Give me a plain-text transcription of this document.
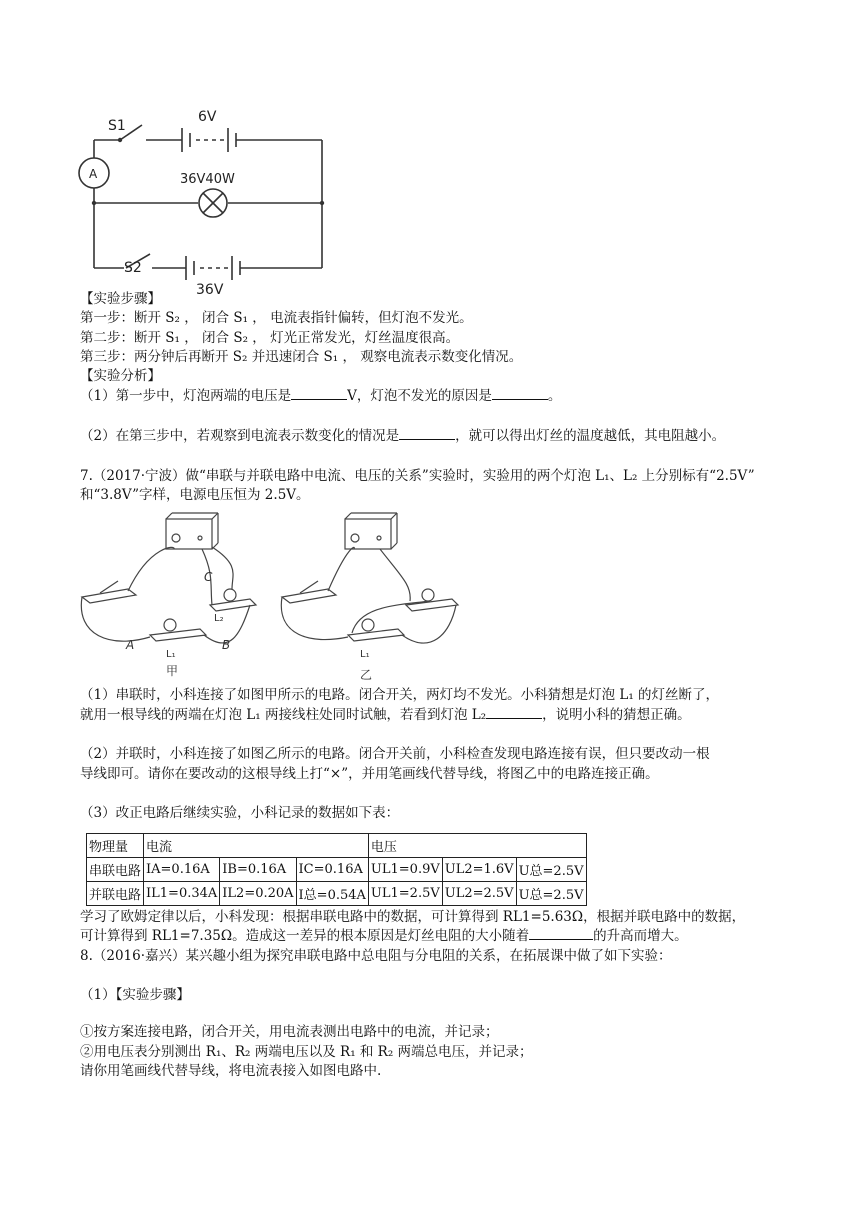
S1
6V
A	36V40W
S2
36V
【实验步骤】
第一步：断开 S₂ ， 闭合 S₁ ， 电流表指针偏转，但灯泡不发光。
第二步：断开 S₁ ， 闭合 S₂ ， 灯光正常发光，灯丝温度很高。
第三步：两分钟后再断开 S₂ 并迅速闭合 S₁ ， 观察电流表示数变化情况。
【实验分析】
（1）第一步中，灯泡两端的电压是	V，灯泡不发光的原因是	。
（2）在第三步中，若观察到电流表示数变化的情况是	，就可以得出灯丝的温度越低，其电阻越小。
7.（2017·宁波）做“串联与并联电路中电流、电压的关系”实验时，实验用的两个灯泡 L₁、L₂ 上分别标有“2.5V”
和“3.8V”字样，电源电压恒为 2.5V。
C
A	B
L₂
L₁	L₁
甲	乙
（1）串联时，小科连接了如图甲所示的电路。闭合开关，两灯均不发光。小科猜想是灯泡 L₁ 的灯丝断了，
就用一根导线的两端在灯泡 L₁ 两接线柱处同时试触，若看到灯泡 L₂	，说明小科的猜想正确。
（2）并联时，小科连接了如图乙所示的电路。闭合开关前，小科检查发现电路连接有误，但只要改动一根
导线即可。请你在要改动的这根导线上打“×”，并用笔画线代替导线，将图乙中的电路连接正确。
（3）改正电路后继续实验，小科记录的数据如下表：
物理量	电流			电压		
串联电路	IA=0.16A	IB=0.16A	IC=0.16A	UL1=0.9V	UL2=1.6V	U总=2.5V
并联电路	IL1=0.34A	IL2=0.20A	I总=0.54A	UL1=2.5V	UL2=2.5V	U总=2.5V
学习了欧姆定律以后，小科发现：根据串联电路中的数据，可计算得到 RL1=5.63Ω，根据并联电路中的数据，
可计算得到 RL1=7.35Ω。造成这一差异的根本原因是灯丝电阻的大小随着	的升高而增大。
8.（2016·嘉兴）某兴趣小组为探究串联电路中总电阻与分电阻的关系，在拓展课中做了如下实验：
（1）【实验步骤】
①按方案连接电路，闭合开关，用电流表测出电路中的电流，并记录；
②用电压表分别测出 R₁、R₂ 两端电压以及 R₁ 和 R₂ 两端总电压，并记录；
请你用笔画线代替导线，将电流表接入如图电路中.
